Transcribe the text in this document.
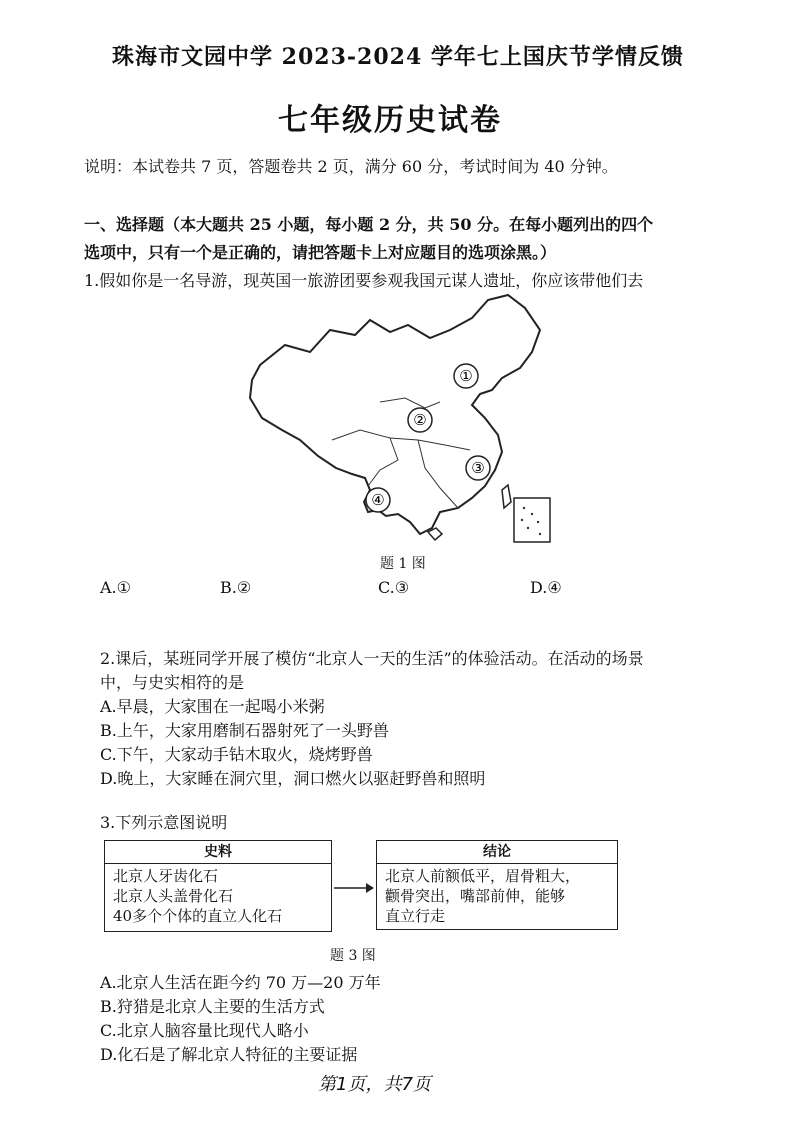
珠海市文园中学 2023-2024 学年七上国庆节学情反馈
七年级历史试卷
说明：本试卷共 7 页，答题卷共 2 页，满分 60 分，考试时间为 40 分钟。
一、选择题（本大题共 25 小题，每小题 2 分，共 50 分。在每小题列出的四个
选项中，只有一个是正确的，请把答题卡上对应题目的选项涂黑。）
1.假如你是一名导游，现英国一旅游团要参观我国元谋人遗址，你应该带他们去
①
②
③
④
题 1 图
A.①	B.②	C.③	D.④
2.课后，某班同学开展了模仿“北京人一天的生活”的体验活动。在活动的场景
中，与史实相符的是
A.早晨，大家围在一起喝小米粥
B.上午，大家用磨制石器射死了一头野兽
C.下午，大家动手钻木取火，烧烤野兽
D.晚上，大家睡在洞穴里，洞口燃火以驱赶野兽和照明
3.下列示意图说明
史料
北京人牙齿化石
北京人头盖骨化石
40多个个体的直立人化石
结论
北京人前额低平，眉骨粗大，
颧骨突出，嘴部前伸，能够
直立行走
题 3 图
A.北京人生活在距今约 70 万—20 万年
B.狩猎是北京人主要的生活方式
C.北京人脑容量比现代人略小
D.化石是了解北京人特征的主要证据
第1页，共7页
